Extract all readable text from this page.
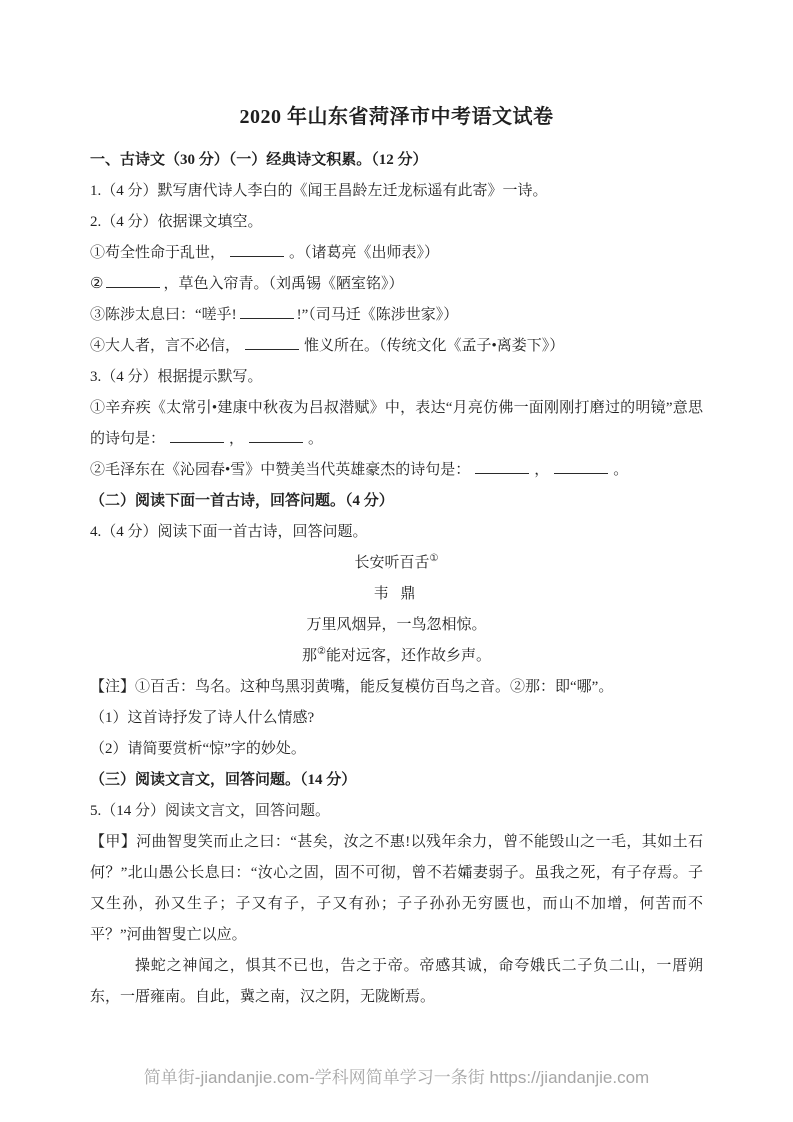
2020 年山东省菏泽市中考语文试卷

一、古诗文（30 分）（一）经典诗文积累。（12 分）

1.（4 分）默写唐代诗人李白的《闻王昌龄左迁龙标遥有此寄》一诗。

2.（4 分）依据课文填空。

①苟全性命于乱世，	。（诸葛亮《出师表》）

②	，草色入帘青。（刘禹锡《陋室铭》）

③陈涉太息曰：“嗟乎!	!”（司马迁《陈涉世家》）

④大人者，言不必信，	惟义所在。（传统文化《孟子•离娄下》）

3.（4 分）根据提示默写。

①辛弃疾《太常引•建康中秋夜为吕叔潜赋》中，表达“月亮仿佛一面刚刚打磨过的明镜”意思的诗句是：	，	。

②毛泽东在《沁园春•雪》中赞美当代英雄豪杰的诗句是：	，	。

（二）阅读下面一首古诗，回答问题。（4 分）

4.（4 分）阅读下面一首古诗，回答问题。

长安听百舌①

韦 鼎

万里风烟异，一鸟忽相惊。

那②能对远客，还作故乡声。

【注】①百舌：鸟名。这种鸟黑羽黄嘴，能反复模仿百鸟之音。②那：即“哪”。

（1）这首诗抒发了诗人什么情感?

（2）请简要赏析“惊”字的妙处。

（三）阅读文言文，回答问题。（14 分）

5.（14 分）阅读文言文，回答问题。

【甲】河曲智叟笑而止之曰：“甚矣，汝之不惠!以残年余力，曾不能毁山之一毛，其如土石何？”北山愚公长息曰：“汝心之固，固不可彻，曾不若孀妻弱子。虽我之死，有子存焉。子又生孙，孙又生子；子又有子，子又有孙；子子孙孙无穷匮也，而山不加增，何苦而不平？”河曲智叟亡以应。

操蛇之神闻之，惧其不已也，告之于帝。帝感其诚，命夸娥氏二子负二山，一厝朔东，一厝雍南。自此，冀之南，汉之阴，无陇断焉。

简单街-jiandanjie.com-学科网简单学习一条街 https://jiandanjie.com
